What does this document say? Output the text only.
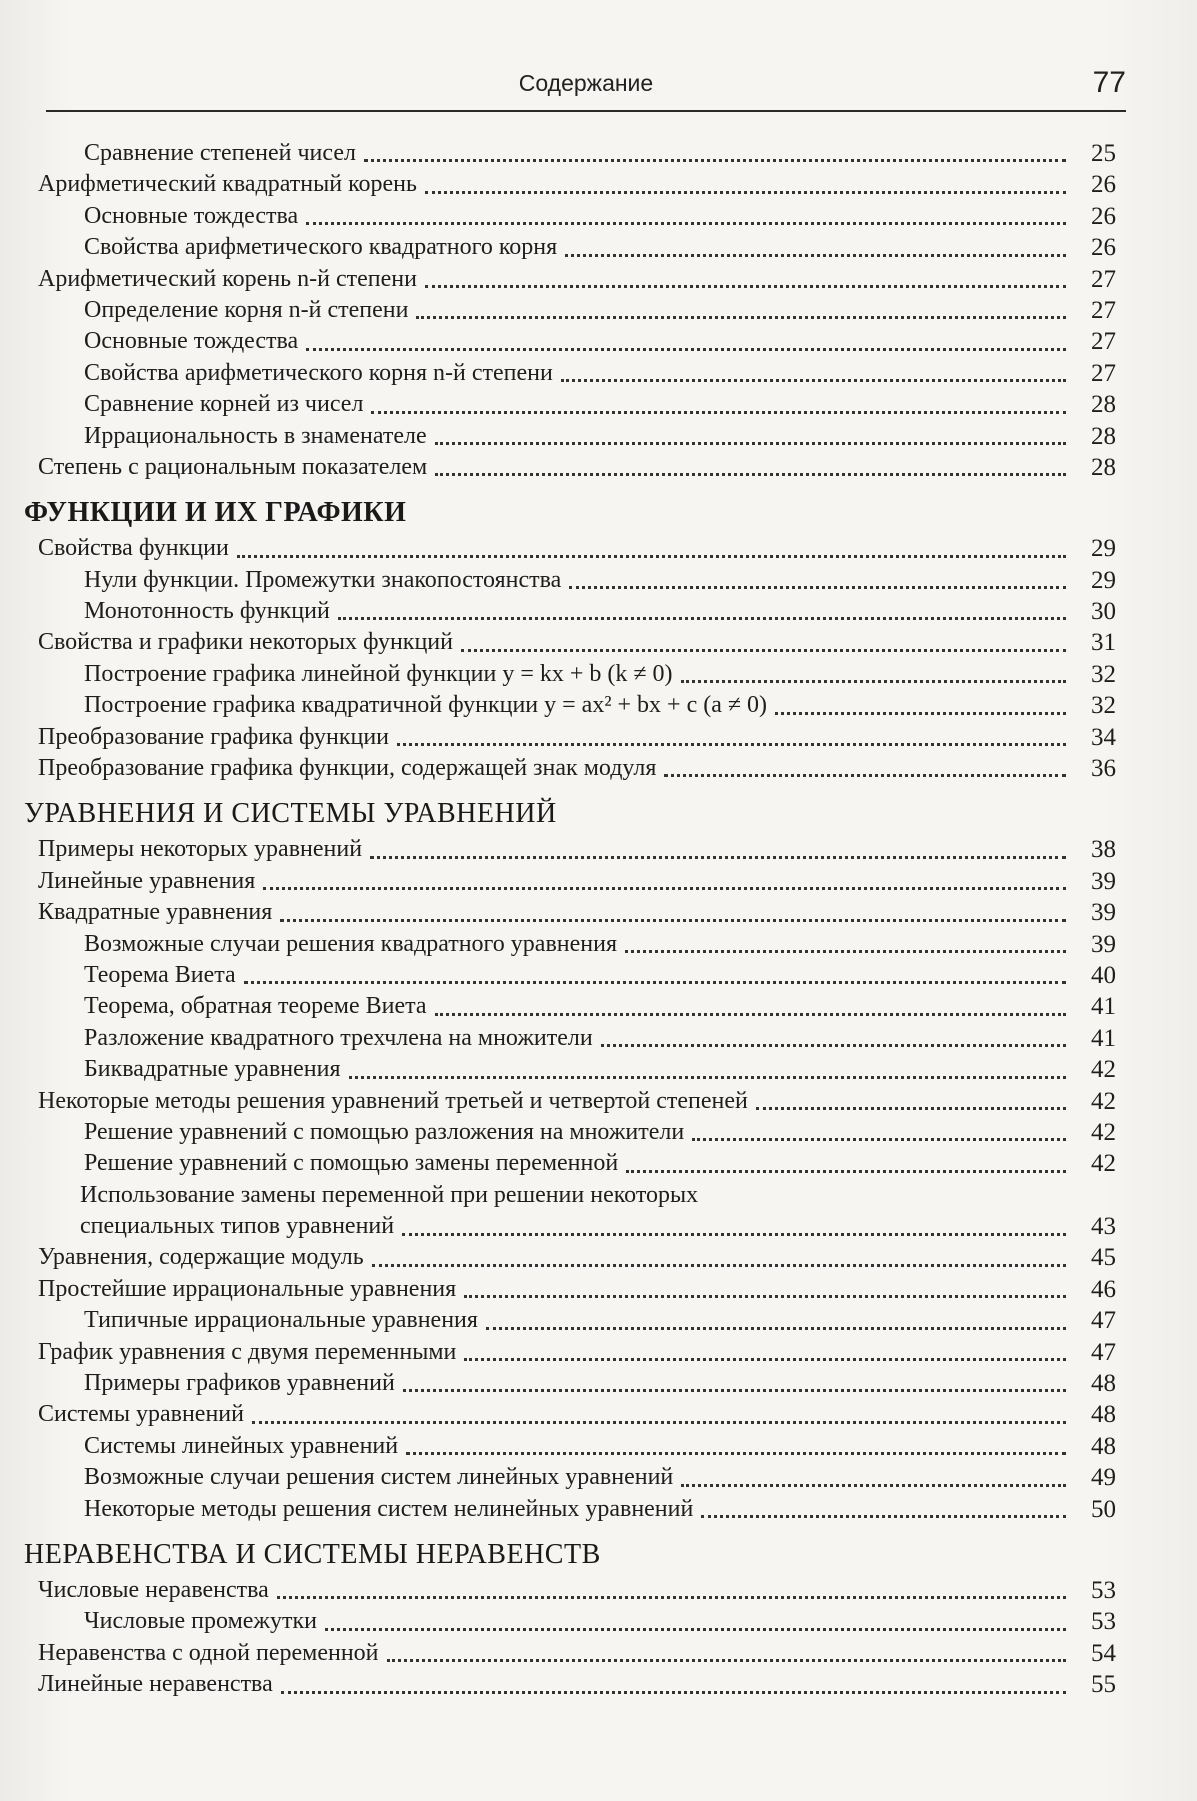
Содержание	77
Сравнение степеней чисел	25
Арифметический квадратный корень	26
Основные тождества	26
Свойства арифметического квадратного корня	26
Арифметический корень n-й степени	27
Определение корня n-й степени	27
Основные тождества	27
Свойства арифметического корня n-й степени	27
Сравнение корней из чисел	28
Иррациональность в знаменателе	28
Степень с рациональным показателем	28
ФУНКЦИИ И ИХ ГРАФИКИ
Свойства функции	29
Нули функции. Промежутки знакопостоянства	29
Монотонность функций	30
Свойства и графики некоторых функций	31
Построение графика линейной функции y = kx + b (k ≠ 0)	32
Построение графика квадратичной функции y = ax² + bx + c (a ≠ 0)	32
Преобразование графика функции	34
Преобразование графика функции, содержащей знак модуля	36
УРАВНЕНИЯ И СИСТЕМЫ УРАВНЕНИЙ
Примеры некоторых уравнений	38
Линейные уравнения	39
Квадратные уравнения	39
Возможные случаи решения квадратного уравнения	39
Теорема Виета	40
Теорема, обратная теореме Виета	41
Разложение квадратного трехчлена на множители	41
Биквадратные уравнения	42
Некоторые методы решения уравнений третьей и четвертой степеней	42
Решение уравнений с помощью разложения на множители	42
Решение уравнений с помощью замены переменной	42
Использование замены переменной при решении некоторых
специальных типов уравнений	43
Уравнения, содержащие модуль	45
Простейшие иррациональные уравнения	46
Типичные иррациональные уравнения	47
График уравнения с двумя переменными	47
Примеры графиков уравнений	48
Системы уравнений	48
Системы линейных уравнений	48
Возможные случаи решения систем линейных уравнений	49
Некоторые методы решения систем нелинейных уравнений	50
НЕРАВЕНСТВА И СИСТЕМЫ НЕРАВЕНСТВ
Числовые неравенства	53
Числовые промежутки	53
Неравенства с одной переменной	54
Линейные неравенства	55
